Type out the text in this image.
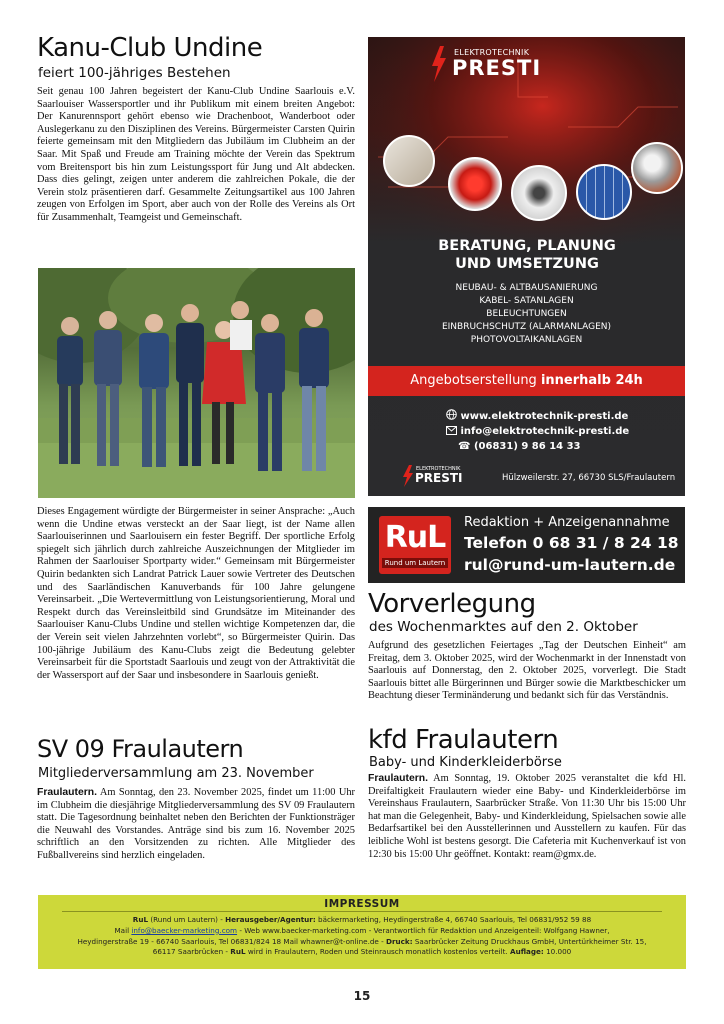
Kanu-Club Undine
feiert 100-jähriges Bestehen

Seit genau 100 Jahren begeistert der Kanu-Club Undine Saarlouis e.V. Saarlouiser Wassersportler und ihr Publikum mit einem breiten Angebot: Der Kanurennsport gehört ebenso wie Drachenboot, Wanderboot oder Auslegerkanu zu den Disziplinen des Vereins. Bürgermeister Carsten Quirin feierte gemeinsam mit den Mitgliedern das Jubiläum im Clubheim an der Saar. Mit Spaß und Freude am Training möchte der Verein das Spektrum vom Breitensport bis hin zum Leistungssport für Jung und Alt abdecken. Dass dies gelingt, zeigen unter anderem die zahlreichen Pokale, die der Verein stolz präsentieren darf. Gesammelte Zeitungsartikel aus 100 Jahren zeugen von Erfolgen im Sport, aber auch von der Rolle des Vereins als Ort für Zusammenhalt, Teamgeist und Gemeinschaft.

Dieses Engagement würdigte der Bürgermeister in seiner Ansprache: „Auch wenn die Undine etwas versteckt an der Saar liegt, ist der Name allen Saarlouiserinnen und Saarlouisern ein fester Begriff. Der sportliche Erfolg spiegelt sich jährlich durch zahlreiche Auszeichnungen der Mitglieder im Rahmen der Saarlouiser Sportparty wider.“ Gemeinsam mit Bürgermeister Quirin bedankten sich Landrat Patrick Lauer sowie Vertreter des Deutschen und des Saarländischen Kanuverbands für 100 Jahre gelungene Vereinsarbeit. „Die Wertevermittlung von Leistungsorientierung, Moral und Respekt durch das Vereinsleitbild sind Grundsätze im Miteinander des Saarlouiser Kanu-Clubs Undine und stellen wichtige Kompetenzen dar, die der Verein seit vielen Jahrzehnten vorlebt“, so Bürgermeister Quirin. Das 100-jährige Jubiläum des Kanu-Clubs zeigt die Bedeutung gelebter Vereinsarbeit für die Sportstadt Saarlouis und zeugt von der Attraktivität die der Wassersport auf der Saar und insbesondere in Saarlouis genießt.

SV 09 Fraulautern
Mitgliederversammlung am 23. November

Fraulautern. Am Sonntag, den 23. November 2025, findet um 11:00 Uhr im Clubheim die diesjährige Mitgliederversammlung des SV 09 Fraulautern statt. Die Tagesordnung beinhaltet neben den Berichten der Funktionsträger die Neuwahl des Vorstandes. Anträge sind bis zum 16. November 2025 schriftlich an den Vorsitzenden zu richten. Alle Mitglieder des Fußballvereins sind herzlich eingeladen.

ELEKTROTECHNIK
PRESTI
BERATUNG, PLANUNG UND UMSETZUNG
NEUBAU- & ALTBAUSANIERUNG
KABEL- SATANLAGEN
BELEUCHTUNGEN
EINBRUCHSCHUTZ (ALARMANLAGEN)
PHOTOVOLTAIKANLAGEN
Angebotserstellung innerhalb 24h
www.elektrotechnik-presti.de
info@elektrotechnik-presti.de
☎ (06831) 9 86 14 33
ELEKTROTECHNIK
PRESTI	Hülzweilerstr. 27, 66730 SLS/Fraulautern
RuL
Rund um Lautern
Redaktion + Anzeigenannahme
Telefon 0 68 31 / 8 24 18
rul@rund-um-lautern.de
Vorverlegung
des Wochenmarktes auf den 2. Oktober

Aufgrund des gesetzlichen Feiertages „Tag der Deutschen Einheit“ am Freitag, dem 3. Oktober 2025, wird der Wochenmarkt in der Innenstadt von Saarlouis auf Donnerstag, den 2. Oktober 2025, vorverlegt. Die Stadt Saarlouis bittet alle Bürgerinnen und Bürger sowie die Marktbeschicker um Beachtung dieser Terminänderung und bedankt sich für das Verständnis.

kfd Fraulautern
Baby- und Kinderkleiderbörse

Fraulautern. Am Sonntag, 19. Oktober 2025 veranstaltet die kfd Hl. Dreifaltigkeit Fraulautern wieder eine Baby- und Kinderkleiderbörse im Vereinshaus Fraulautern, Saarbrücker Straße. Von 11:30 Uhr bis 15:00 Uhr hat man die Gelegenheit, Baby- und Kinderkleidung, Spielsachen sowie alle Bedarfsartikel bei den Ausstellerinnen und Ausstellern zu kaufen. Für das leibliche Wohl ist bestens gesorgt. Die Cafeteria mit Kuchenverkauf ist von 12:30 bis 15:00 Uhr geöffnet. Kontakt: ream@gmx.de.

IMPRESSUM
RuL (Rund um Lautern) - Herausgeber/Agentur: bäckermarketing, Heydingerstraße 4, 66740 Saarlouis, Tel 06831/952 59 88
Mail info@baecker-marketing.com - Web www.baecker-marketing.com - Verantwortlich für Redaktion und Anzeigenteil: Wolfgang Hawner,
Heydingerstraße 19 - 66740 Saarlouis, Tel 06831/824 18 Mail whawner@t-online.de - Druck: Saarbrücker Zeitung Druckhaus GmbH, Untertürkheimer Str. 15,
66117 Saarbrücken - RuL wird in Fraulautern, Roden und Steinrausch monatlich kostenlos verteilt. Auflage: 10.000
15
